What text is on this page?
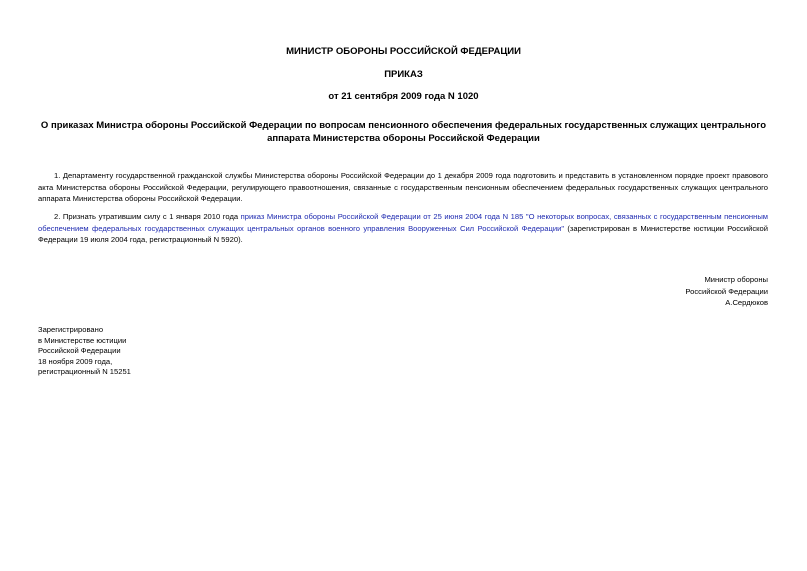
МИНИСТР ОБОРОНЫ РОССИЙСКОЙ ФЕДЕРАЦИИ

ПРИКАЗ

от 21 сентября 2009 года N 1020

О приказах Министра обороны Российской Федерации по вопросам пенсионного обеспечения федеральных государственных служащих центрального аппарата Министерства обороны Российской Федерации

1. Департаменту государственной гражданской службы Министерства обороны Российской Федерации до 1 декабря 2009 года подготовить и представить в установленном порядке проект правового акта Министерства обороны Российской Федерации, регулирующего правоотношения, связанные с государственным пенсионным обеспечением федеральных государственных служащих центрального аппарата Министерства обороны Российской Федерации.

2. Признать утратившим силу с 1 января 2010 года приказ Министра обороны Российской Федерации от 25 июня 2004 года N 185 "О некоторых вопросах, связанных с государственным пенсионным обеспечением федеральных государственных служащих центральных органов военного управления Вооруженных Сил Российской Федерации" (зарегистрирован в Министерстве юстиции Российской Федерации 19 июля 2004 года, регистрационный N 5920).

Министр обороны
Российской Федерации
А.Сердюков
Зарегистрировано
в Министерстве юстиции
Российской Федерации
18 ноября 2009 года,
регистрационный N 15251
